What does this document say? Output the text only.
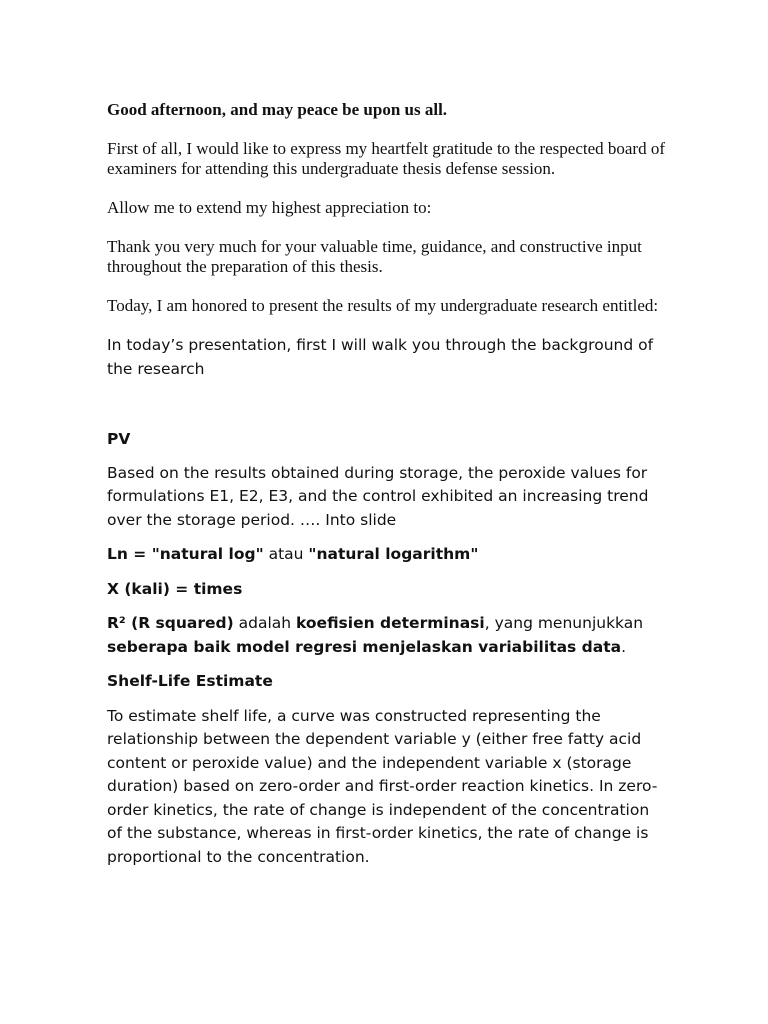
Good afternoon, and may peace be upon us all.

First of all, I would like to express my heartfelt gratitude to the respected board of examiners for attending this undergraduate thesis defense session.

Allow me to extend my highest appreciation to:

Thank you very much for your valuable time, guidance, and constructive input throughout the preparation of this thesis.

Today, I am honored to present the results of my undergraduate research entitled:

In today’s presentation, first I will walk you through the background of the research

PV

Based on the results obtained during storage, the peroxide values for formulations E1, E2, E3, and the control exhibited an increasing trend over the storage period. …. Into slide

Ln = "natural log" atau "natural logarithm"

X (kali) = times

R² (R squared) adalah koefisien determinasi, yang menunjukkan seberapa baik model regresi menjelaskan variabilitas data.

Shelf-Life Estimate

To estimate shelf life, a curve was constructed representing the relationship between the dependent variable y (either free fatty acid content or peroxide value) and the independent variable x (storage duration) based on zero-order and first-order reaction kinetics. In zero-order kinetics, the rate of change is independent of the concentration of the substance, whereas in first-order kinetics, the rate of change is proportional to the concentration.
